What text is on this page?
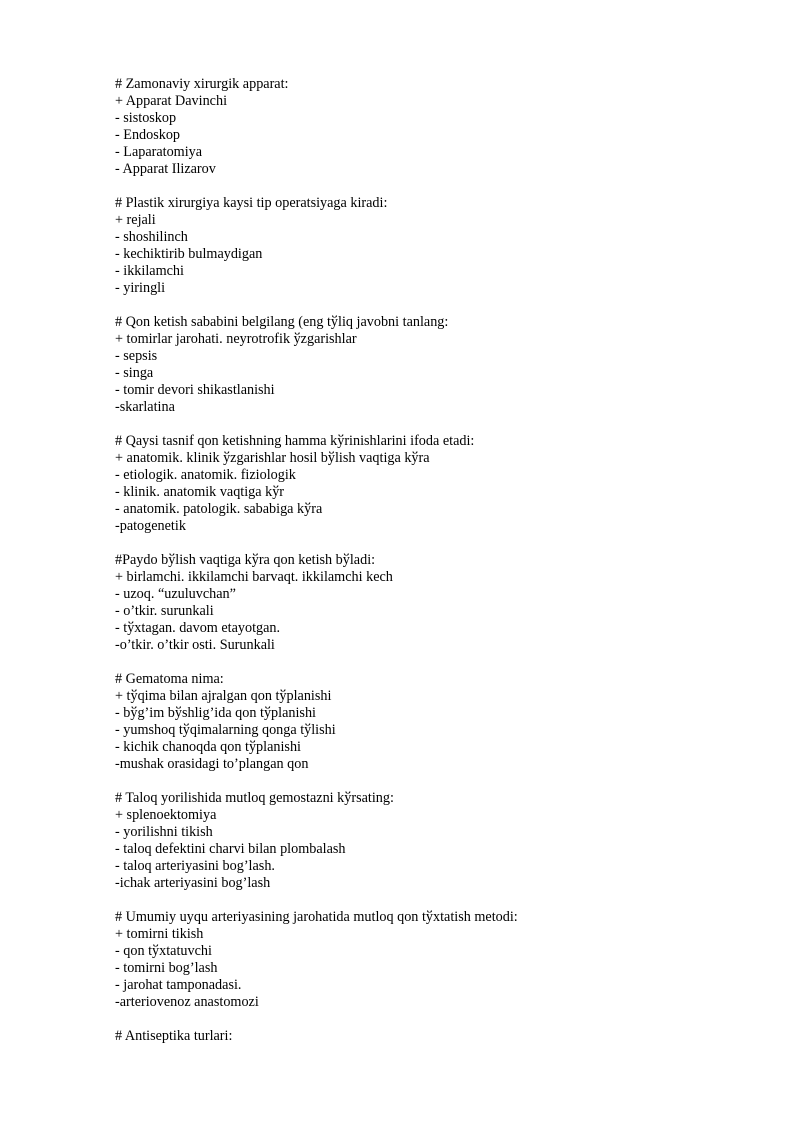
# Zamonaviy xirurgik apparat:
+ Apparat Davinchi
- sistoskop
- Endoskop
- Laparatomiya
- Apparat Ilizarov
# Plastik xirurgiya kaysi tip operatsiyaga kiradi:
+ rejali
- shoshilinch
- kechiktirib bulmaydigan
- ikkilamchi
- yiringli
# Qon ketish sababini belgilang (eng tўliq javobni tanlang:
+ tomirlar jarohati. neyrotrofik ўzgarishlar
- sepsis
- singa
- tomir devori shikastlanishi
-skarlatina
# Qaysi tasnif qon ketishning hamma kўrinishlarini ifoda etadi:
+ anatomik. klinik ўzgarishlar hosil bўlish vaqtiga kўra
- etiologik. anatomik. fiziologik
- klinik. anatomik vaqtiga kўr
- anatomik. patologik. sababiga kўra
-patogenetik
#Paydo bўlish vaqtiga kўra qon ketish bўladi:
+ birlamchi. ikkilamchi barvaqt. ikkilamchi kech
- uzoq. “uzuluvchan”
- o’tkir. surunkali
- tўxtagan. davom etayotgan.
-o’tkir. o’tkir osti. Surunkali
# Gematoma nima:
+ tўqima bilan ajralgan qon tўplanishi
- bўg’im bўshlig’ida qon tўplanishi
- yumshoq tўqimalarning qonga tўlishi
- kichik chanoqda qon tўplanishi
-mushak orasidagi to’plangan qon
# Taloq yorilishida mutloq gemostazni kўrsating:
+ splenoektomiya
- yorilishni tikish
- taloq defektini charvi bilan plombalash
- taloq arteriyasini bog’lash.
-ichak arteriyasini bog’lash
# Umumiy uyqu arteriyasining jarohatida mutloq qon tўxtatish metodi:
+ tomirni tikish
- qon tўxtatuvchi
- tomirni bog’lash
- jarohat tamponadasi.
-arteriovenoz anastomozi
# Antiseptika turlari:
